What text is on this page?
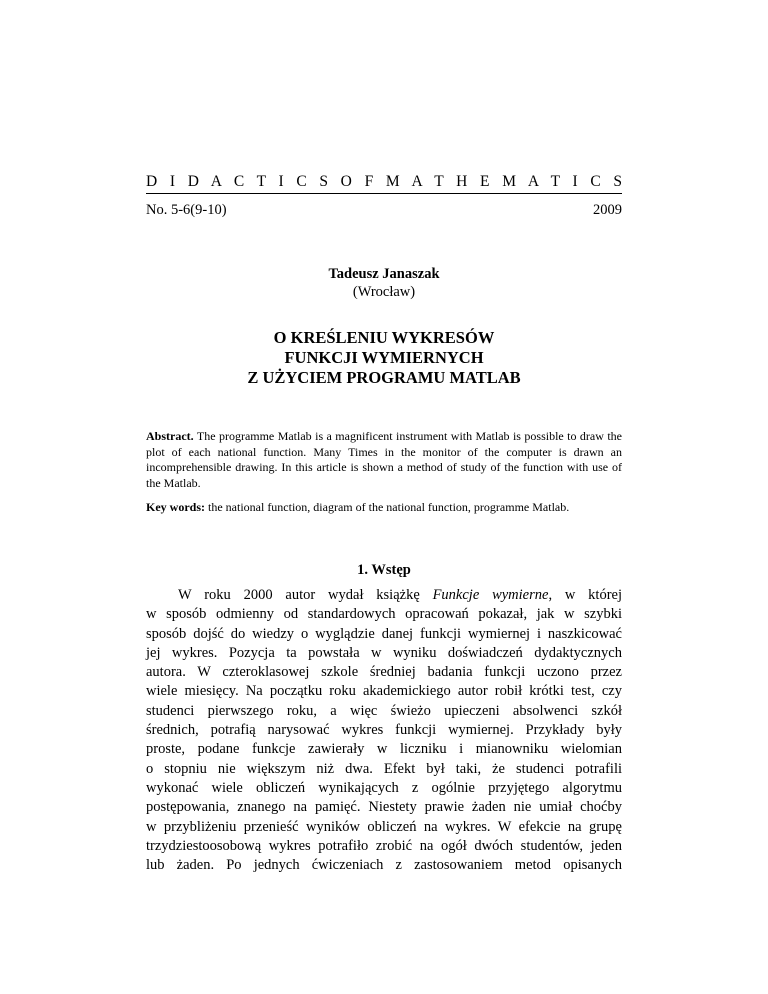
D I D A C T I C S O F M A T H E M A T I C S
No. 5-6(9-10)	2009
Tadeusz Janaszak
(Wrocław)
O KREŚLENIU WYKRESÓW
FUNKCJI WYMIERNYCH
Z UŻYCIEM PROGRAMU MATLAB
Abstract. The programme Matlab is a magnificent instrument with Matlab is possible to draw the plot of each national function. Many Times in the monitor of the computer is drawn an incomprehensible drawing. In this article is shown a method of study of the function with use of the Matlab.
Key words: the national function, diagram of the national function, programme Matlab.
1. Wstęp
W roku 2000 autor wydał książkę Funkcje wymierne, w której
w sposób odmienny od standardowych opracowań pokazał, jak w szybki
sposób dojść do wiedzy o wyglądzie danej funkcji wymiernej i naszkicować
jej wykres. Pozycja ta powstała w wyniku doświadczeń dydaktycznych
autora. W czteroklasowej szkole średniej badania funkcji uczono przez
wiele miesięcy. Na początku roku akademickiego autor robił krótki test, czy
studenci pierwszego roku, a więc świeżo upieczeni absolwenci szkół
średnich, potrafią narysować wykres funkcji wymiernej. Przykłady były
proste, podane funkcje zawierały w liczniku i mianowniku wielomian
o stopniu nie większym niż dwa. Efekt był taki, że studenci potrafili
wykonać wiele obliczeń wynikających z ogólnie przyjętego algorytmu
postępowania, znanego na pamięć. Niestety prawie żaden nie umiał choćby
w przybliżeniu przenieść wyników obliczeń na wykres. W efekcie na grupę
trzydziestoosobową wykres potrafiło zrobić na ogół dwóch studentów, jeden
lub żaden. Po jednych ćwiczeniach z zastosowaniem metod opisanych
